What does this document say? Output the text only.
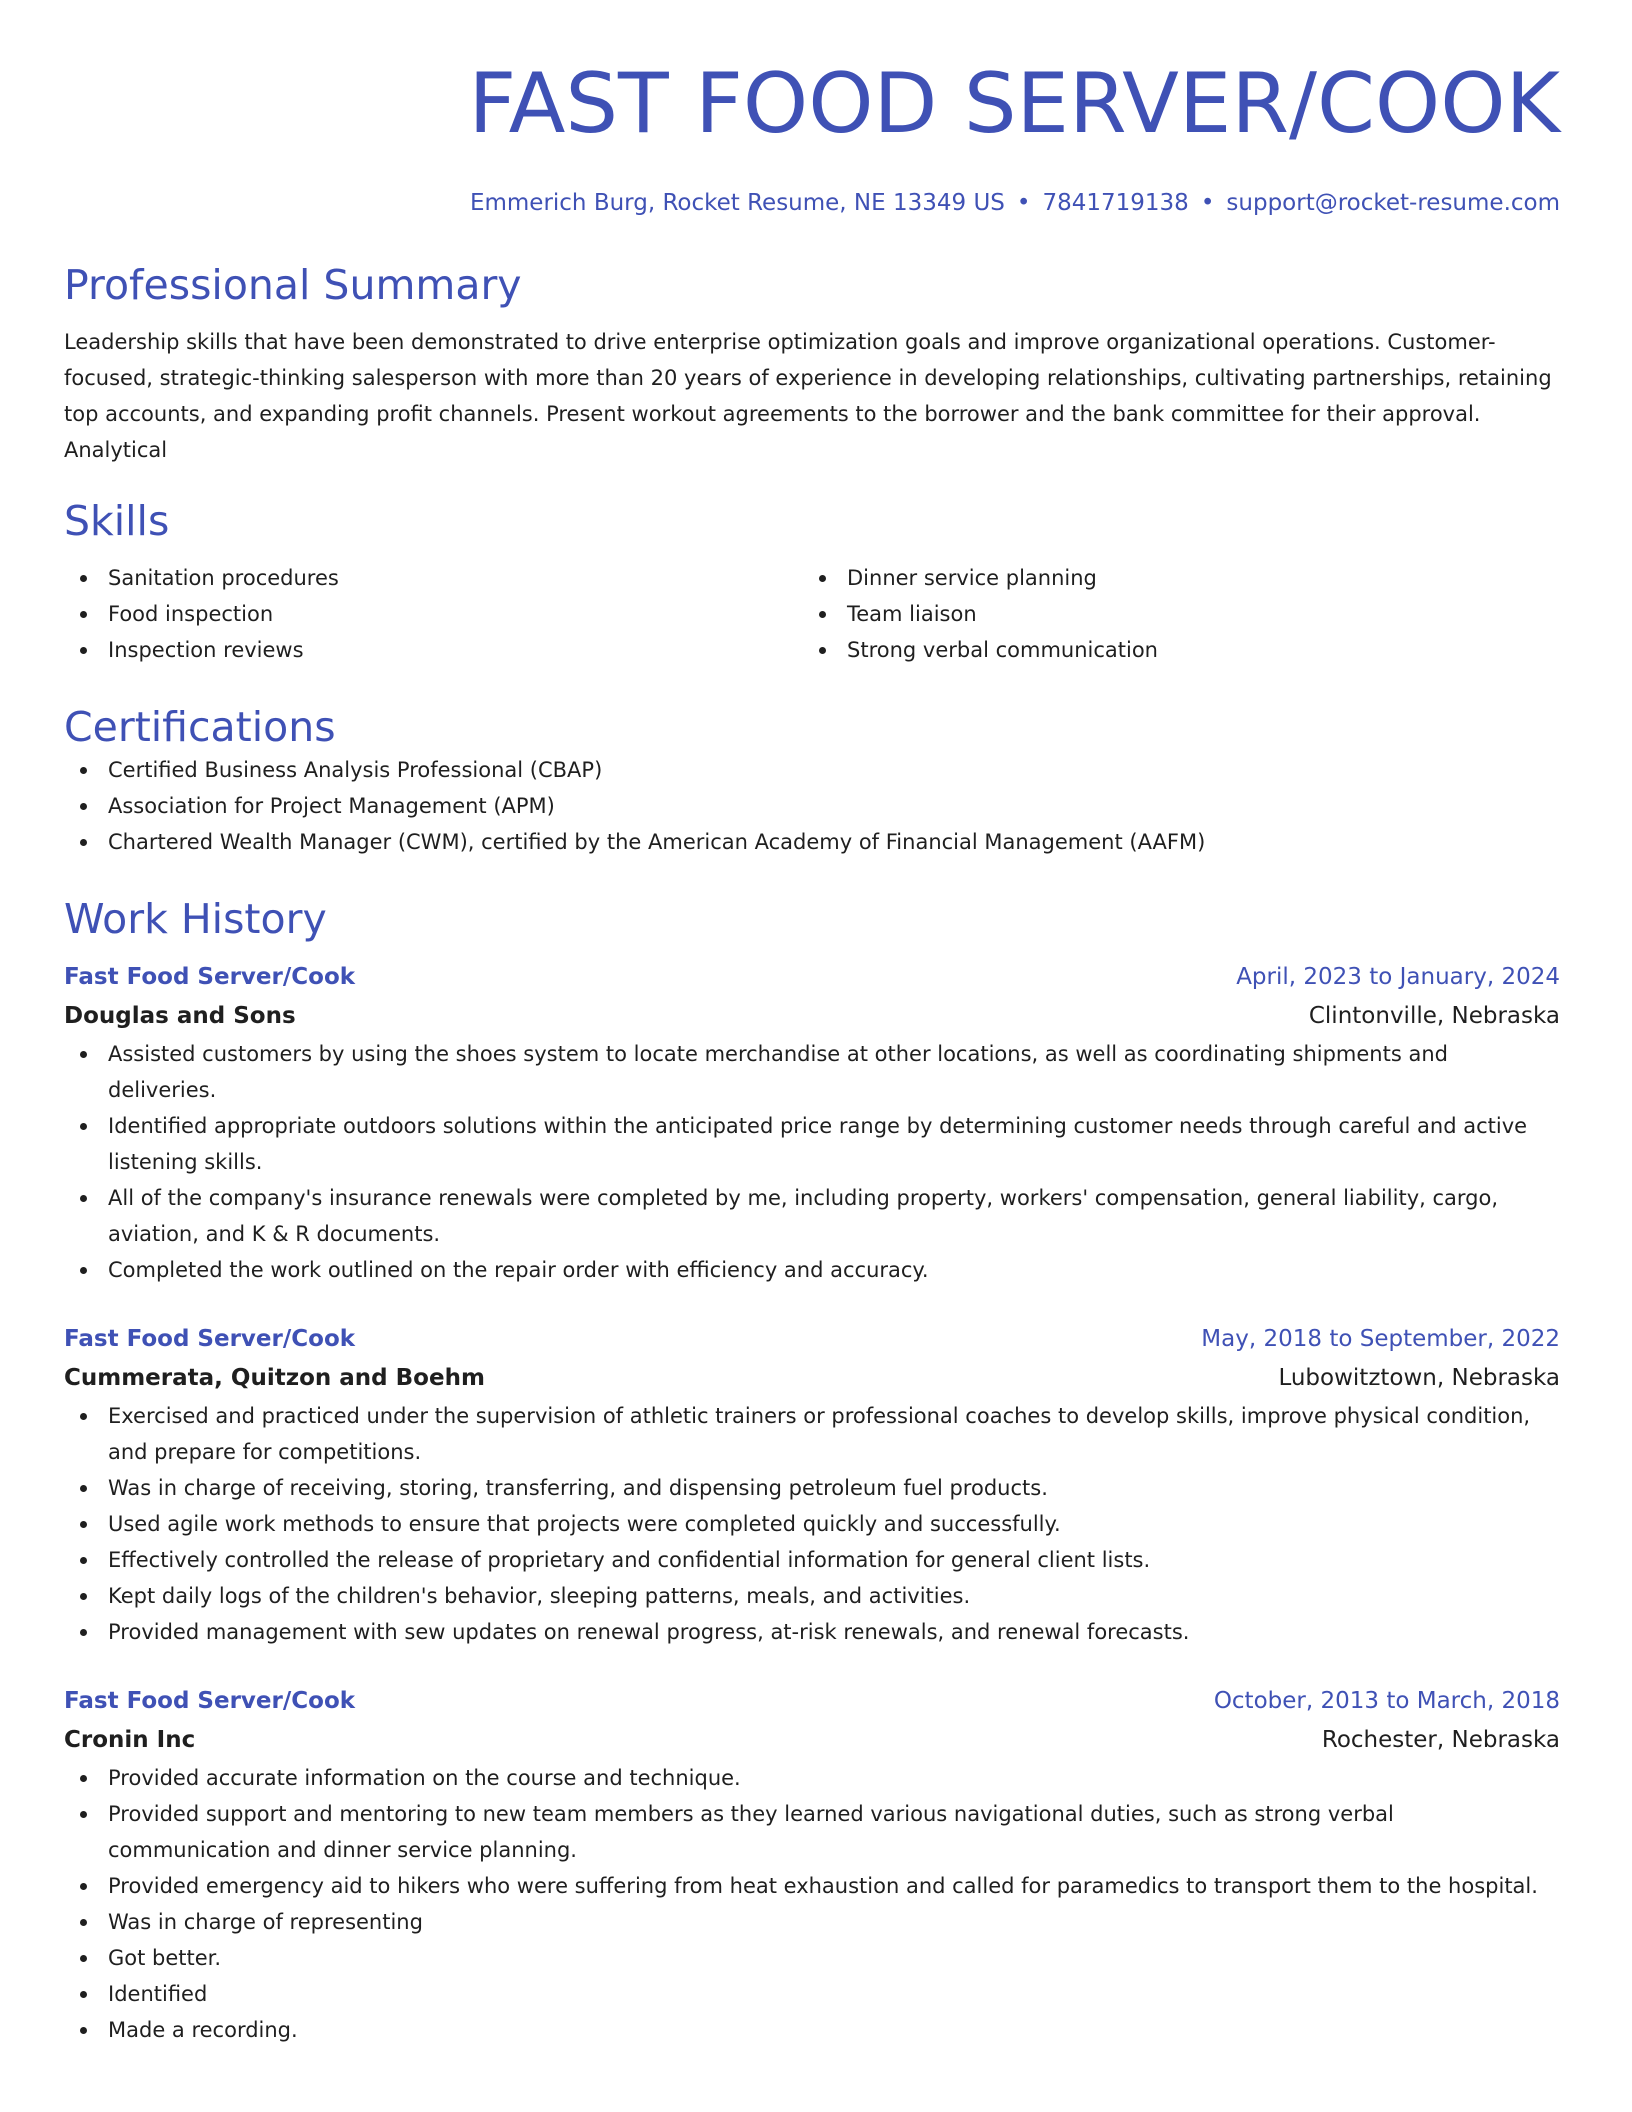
FAST FOOD SERVER/COOK
Emmerich Burg, Rocket Resume, NE 13349 US • 7841719138 • support@rocket-resume.com
Professional Summary

Leadership skills that have been demonstrated to drive enterprise optimization goals and improve organizational operations. Customer-focused, strategic-thinking salesperson with more than 20 years of experience in developing relationships, cultivating partnerships, retaining top accounts, and expanding profit channels. Present workout agreements to the borrower and the bank committee for their approval. Analytical

Skills
Sanitation procedures
Food inspection
Inspection reviews
Dinner service planning
Team liaison
Strong verbal communication
Certifications
Certified Business Analysis Professional (CBAP)
Association for Project Management (APM)
Chartered Wealth Manager (CWM), certified by the American Academy of Financial Management (AAFM)
Work History
Fast Food Server/Cook	April, 2023 to January, 2024
Douglas and Sons	Clintonville, Nebraska
Assisted customers by using the shoes system to locate merchandise at other locations, as well as coordinating shipments and deliveries.
Identified appropriate outdoors solutions within the anticipated price range by determining customer needs through careful and active listening skills.
All of the company's insurance renewals were completed by me, including property, workers' compensation, general liability, cargo, aviation, and K & R documents.
Completed the work outlined on the repair order with efficiency and accuracy.
Fast Food Server/Cook	May, 2018 to September, 2022
Cummerata, Quitzon and Boehm	Lubowitztown, Nebraska
Exercised and practiced under the supervision of athletic trainers or professional coaches to develop skills, improve physical condition, and prepare for competitions.
Was in charge of receiving, storing, transferring, and dispensing petroleum fuel products.
Used agile work methods to ensure that projects were completed quickly and successfully.
Effectively controlled the release of proprietary and confidential information for general client lists.
Kept daily logs of the children's behavior, sleeping patterns, meals, and activities.
Provided management with sew updates on renewal progress, at-risk renewals, and renewal forecasts.
Fast Food Server/Cook	October, 2013 to March, 2018
Cronin Inc	Rochester, Nebraska
Provided accurate information on the course and technique.
Provided support and mentoring to new team members as they learned various navigational duties, such as strong verbal communication and dinner service planning.
Provided emergency aid to hikers who were suffering from heat exhaustion and called for paramedics to transport them to the hospital.
Was in charge of representing
Got better.
Identified
Made a recording.
